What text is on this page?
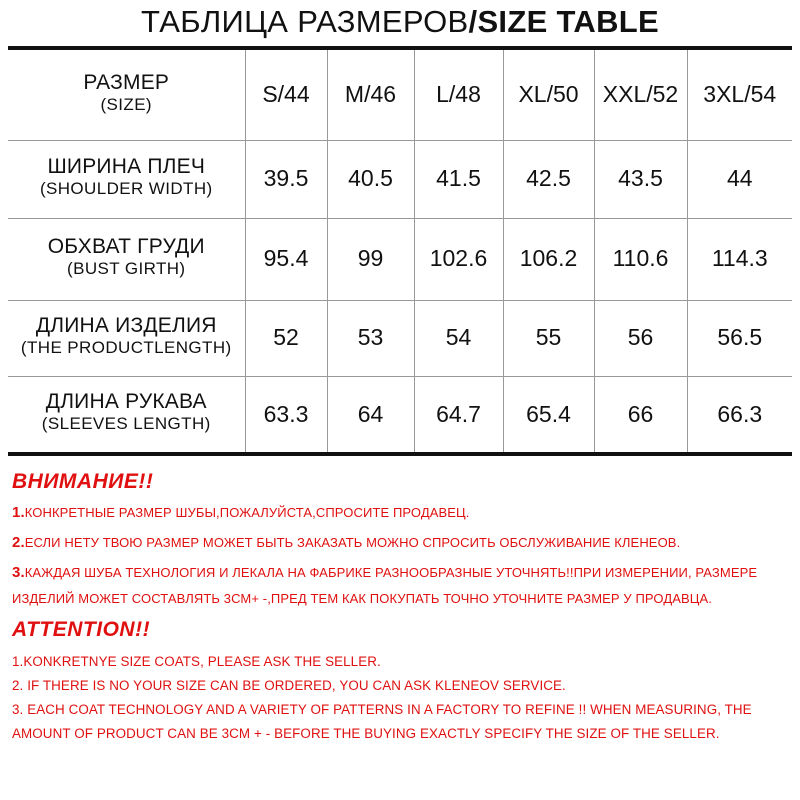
ТАБЛИЦА РАЗМЕРОВ/SIZE TABLE
РАЗМЕР
(SIZE)	S/44	M/46	L/48	XL/50	XXL/52	3XL/54

ШИРИНА ПЛЕЧ
(SHOULDER WIDTH)	39.5	40.5	41.5	42.5	43.5	44

ОБХВАТ ГРУДИ
(BUST GIRTH)	95.4	99	102.6	106.2	110.6	114.3

ДЛИНА ИЗДЕЛИЯ
(THE PRODUCTLENGTH)	52	53	54	55	56	56.5

ДЛИНА РУКАВА
(SLEEVES LENGTH)	63.3	64	64.7	65.4	66	66.3
ВНИМАНИЕ!!
1.КОНКРЕТНЫЕ РАЗМЕР ШУБЫ,ПОЖАЛУЙСТА,СПРОСИТЕ ПРОДАВЕЦ.
2.ЕСЛИ НЕТУ ТВОЮ РАЗМЕР МОЖЕТ БЫТЬ ЗАКАЗАТЬ МОЖНО СПРОСИТЬ ОБСЛУЖИВАНИЕ КЛЕНЕОВ.
3.КАЖДАЯ ШУБА ТЕХНОЛОГИЯ И ЛЕКАЛА НА ФАБРИКЕ РАЗНООБРАЗНЫЕ УТОЧНЯТЬ!!ПРИ ИЗМЕРЕНИИ, РАЗМЕРЕ ИЗДЕЛИЙ МОЖЕТ СОСТАВЛЯТЬ 3СМ+ -,ПРЕД ТЕМ КАК ПОКУПАТЬ ТОЧНО УТОЧНИТЕ РАЗМЕР У ПРОДАВЦА.
ATTENTION!!
1.KONKRETNYE SIZE COATS, PLEASE ASK THE SELLER.
2. IF THERE IS NO YOUR SIZE CAN BE ORDERED, YOU CAN ASK KLENEOV SERVICE.
3. EACH COAT TECHNOLOGY AND A VARIETY OF PATTERNS IN A FACTORY TO REFINE !! WHEN MEASURING, THE AMOUNT OF PRODUCT CAN BE 3CM + - BEFORE THE BUYING EXACTLY SPECIFY THE SIZE OF THE SELLER.
